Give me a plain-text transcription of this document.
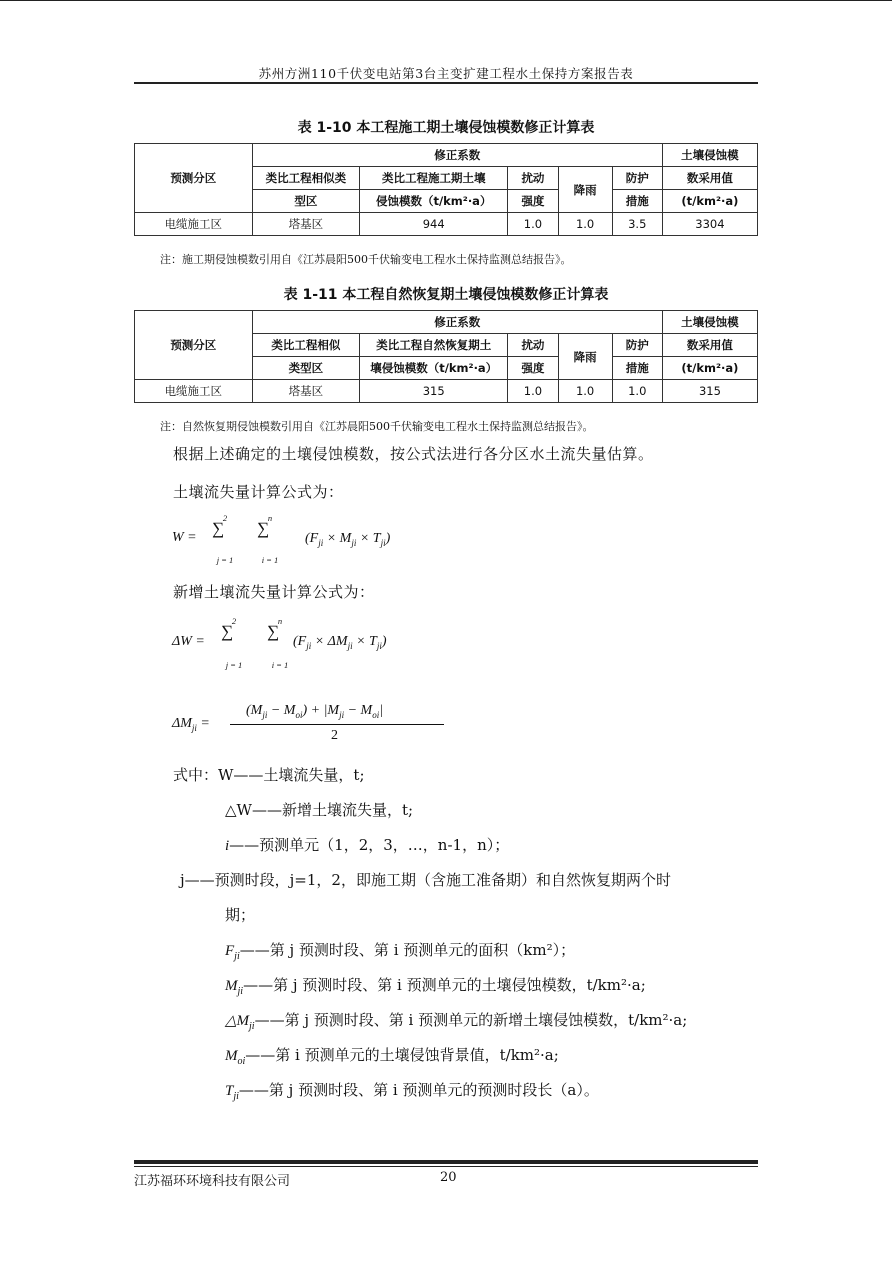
苏州方洲110千伏变电站第3台主变扩建工程水土保持方案报告表
表 1-10 本工程施工期土壤侵蚀模数修正计算表
预测分区	修正系数					土壤侵蚀模
	类比工程相似类	类比工程施工期土壤	扰动	降雨	防护	数采用值
	型区	侵蚀模数（t/km²·a）	强度		措施	(t/km²·a)
电缆施工区	塔基区	944	1.0	1.0	3.5	3304
注：施工期侵蚀模数引用自《江苏晨阳500千伏输变电工程水土保持监测总结报告》。
表 1-11 本工程自然恢复期土壤侵蚀模数修正计算表
预测分区	修正系数					土壤侵蚀模
	类比工程相似	类比工程自然恢复期土	扰动	降雨	防护	数采用值
	类型区	壤侵蚀模数（t/km²·a）	强度		措施	(t/km²·a)
电缆施工区	塔基区	315	1.0	1.0	1.0	315
注：自然恢复期侵蚀模数引用自《江苏晨阳500千伏输变电工程水土保持监测总结报告》。
根据上述确定的土壤侵蚀模数，按公式法进行各分区水土流失量估算。
土壤流失量计算公式为：
W =
2
∑
j = 1
n
∑
i = 1
$(F_{ji} \times M_{ji} \times T_{ji})$
新增土壤流失量计算公式为：
ΔW =
2
∑
j = 1
n
∑
i = 1
$(F_{ji} \times \Delta M_{ji} \times T_{ji})$
$\Delta M_{ji}$ =
$(M_{ji} - M_{oi}) + |M_{ji} - M_{oi}|$
2
式中：W——土壤流失量，t;
△W——新增土壤流失量，t;
i——预测单元（1，2，3，…，n-1，n）；
j——预测时段，j=1，2，即施工期（含施工准备期）和自然恢复期两个时
期；
$F_{ji}——$第 j 预测时段、第 i 预测单元的面积（km²）；
$M_{ji}——$第 j 预测时段、第 i 预测单元的土壤侵蚀模数，t/km²·a;
$\triangle M_{ji}——$第 j 预测时段、第 i 预测单元的新增土壤侵蚀模数，t/km²·a;
$M_{oi}——$第 i 预测单元的土壤侵蚀背景值，t/km²·a;
$T_{ji}——$第 j 预测时段、第 i 预测单元的预测时段长（a）。
江苏福环环境科技有限公司	20
